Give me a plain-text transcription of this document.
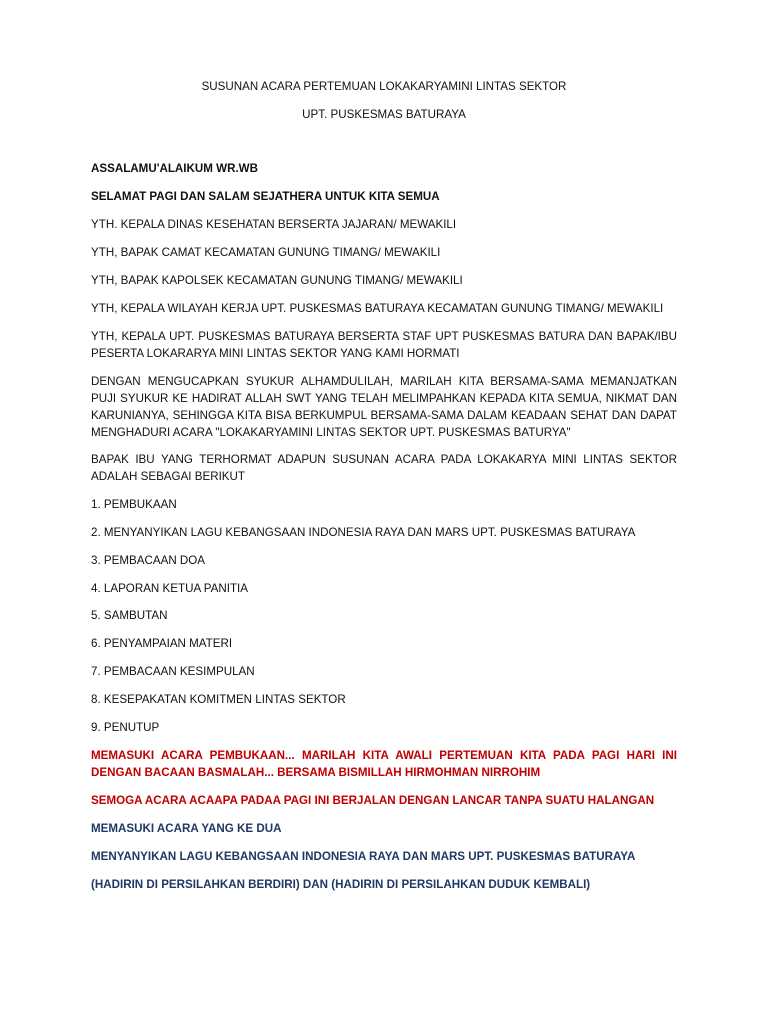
SUSUNAN ACARA PERTEMUAN LOKAKARYAMINI LINTAS SEKTOR

UPT. PUSKESMAS BATURAYA

ASSALAMU'ALAIKUM WR.WB

SELAMAT PAGI DAN SALAM SEJATHERA UNTUK KITA SEMUA

YTH. KEPALA DINAS KESEHATAN BERSERTA JAJARAN/ MEWAKILI

YTH, BAPAK CAMAT KECAMATAN GUNUNG TIMANG/ MEWAKILI

YTH, BAPAK KAPOLSEK KECAMATAN GUNUNG TIMANG/ MEWAKILI

YTH, KEPALA WILAYAH KERJA UPT. PUSKESMAS BATURAYA KECAMATAN GUNUNG TIMANG/ MEWAKILI

YTH, KEPALA UPT. PUSKESMAS BATURAYA BERSERTA STAF UPT PUSKESMAS BATURA DAN BAPAK/IBU PESERTA LOKARARYA MINI LINTAS SEKTOR YANG KAMI HORMATI

DENGAN MENGUCAPKAN SYUKUR ALHAMDULILAH, MARILAH KITA BERSAMA-SAMA MEMANJATKAN PUJI SYUKUR KE HADIRAT ALLAH SWT YANG TELAH MELIMPAHKAN KEPADA KITA SEMUA, NIKMAT DAN KARUNIANYA, SEHINGGA KITA BISA BERKUMPUL BERSAMA-SAMA DALAM KEADAAN SEHAT DAN DAPAT MENGHADURI ACARA "LOKAKARYAMINI LINTAS SEKTOR UPT. PUSKESMAS BATURYA"

BAPAK IBU YANG TERHORMAT ADAPUN SUSUNAN ACARA PADA LOKAKARYA MINI LINTAS SEKTOR ADALAH SEBAGAI BERIKUT

1. PEMBUKAAN

2. MENYANYIKAN LAGU KEBANGSAAN INDONESIA RAYA DAN MARS UPT. PUSKESMAS BATURAYA

3. PEMBACAAN DOA

4. LAPORAN KETUA PANITIA

5. SAMBUTAN

6. PENYAMPAIAN MATERI

7. PEMBACAAN KESIMPULAN

8. KESEPAKATAN KOMITMEN LINTAS SEKTOR

9. PENUTUP

MEMASUKI ACARA PEMBUKAAN... MARILAH KITA AWALI PERTEMUAN KITA PADA PAGI HARI INI DENGAN BACAAN BASMALAH... BERSAMA BISMILLAH HIRMOHMAN NIRROHIM

SEMOGA ACARA ACAAPA PADAA PAGI INI BERJALAN DENGAN LANCAR TANPA SUATU HALANGAN

MEMASUKI ACARA YANG KE DUA

MENYANYIKAN LAGU KEBANGSAAN INDONESIA RAYA DAN MARS UPT. PUSKESMAS BATURAYA

(HADIRIN DI PERSILAHKAN BERDIRI) DAN (HADIRIN DI PERSILAHKAN DUDUK KEMBALI)
